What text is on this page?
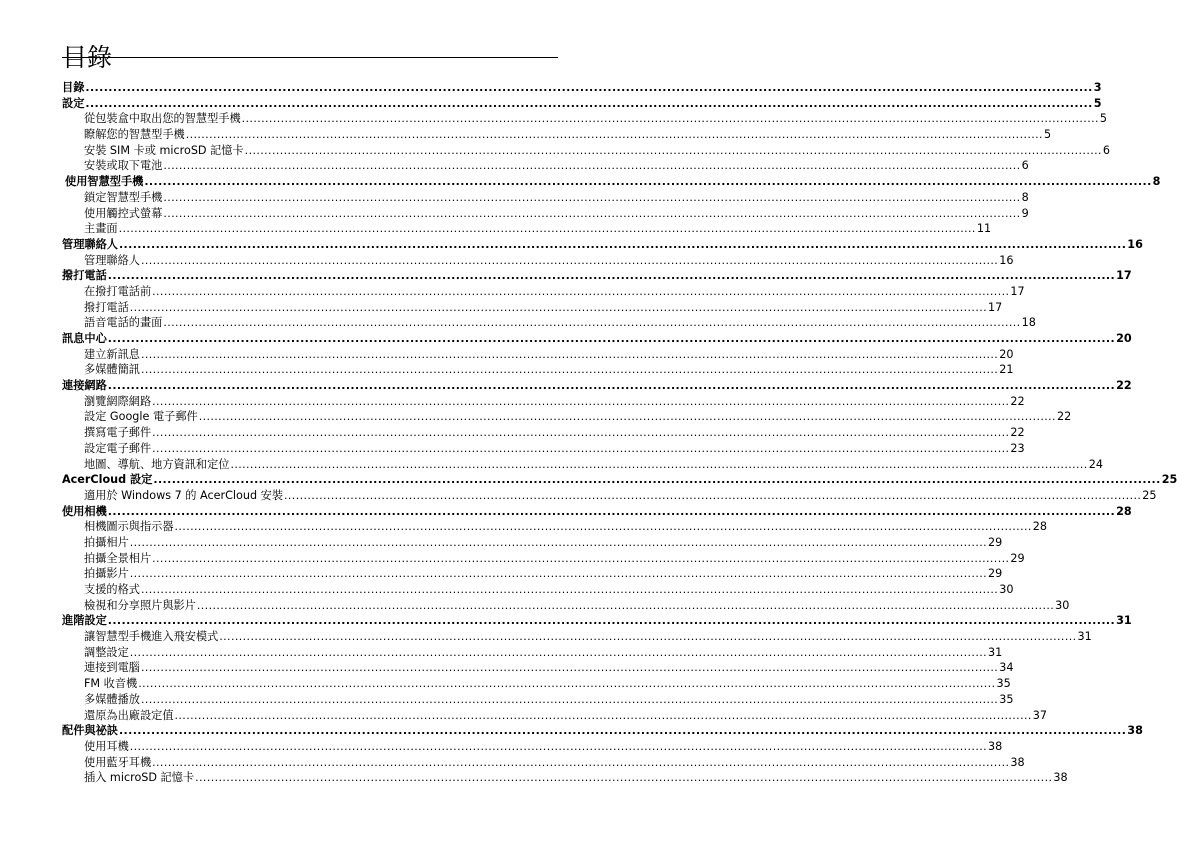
目錄
目錄 ............................................................................................................................................................................................................................ 3
設定 ............................................................................................................................................................................................................................ 5
從包裝盒中取出您的智慧型手機 ............................................................................................................................................................................................................................ 5
瞭解您的智慧型手機 ............................................................................................................................................................................................................................ 5
安裝 SIM 卡或 microSD 記憶卡 ............................................................................................................................................................................................................................ 6
安裝或取下電池 ............................................................................................................................................................................................................................ 6
使用智慧型手機 ............................................................................................................................................................................................................................ 8
鎖定智慧型手機 ............................................................................................................................................................................................................................ 8
使用觸控式螢幕 ............................................................................................................................................................................................................................ 9
主畫面 ............................................................................................................................................................................................................................ 11
管理聯絡人 ............................................................................................................................................................................................................................ 16
管理聯絡人 ............................................................................................................................................................................................................................ 16
撥打電話 ............................................................................................................................................................................................................................ 17
在撥打電話前 ............................................................................................................................................................................................................................ 17
撥打電話 ............................................................................................................................................................................................................................ 17
語音電話的畫面 ............................................................................................................................................................................................................................ 18
訊息中心 ............................................................................................................................................................................................................................ 20
建立新訊息 ............................................................................................................................................................................................................................ 20
多媒體簡訊 ............................................................................................................................................................................................................................ 21
連接網路 ............................................................................................................................................................................................................................ 22
瀏覽網際網路 ............................................................................................................................................................................................................................ 22
設定 Google 電子郵件 ............................................................................................................................................................................................................................ 22
撰寫電子郵件 ............................................................................................................................................................................................................................ 22
設定電子郵件 ............................................................................................................................................................................................................................ 23
地圖、導航、地方資訊和定位 ............................................................................................................................................................................................................................ 24
AcerCloud 設定 ............................................................................................................................................................................................................................ 25
適用於 Windows 7 的 AcerCloud 安裝 ............................................................................................................................................................................................................................ 25
使用相機 ............................................................................................................................................................................................................................ 28
相機圖示與指示器 ............................................................................................................................................................................................................................ 28
拍攝相片 ............................................................................................................................................................................................................................ 29
拍攝全景相片 ............................................................................................................................................................................................................................ 29
拍攝影片 ............................................................................................................................................................................................................................ 29
支援的格式 ............................................................................................................................................................................................................................ 30
檢視和分享照片與影片 ............................................................................................................................................................................................................................ 30
進階設定 ............................................................................................................................................................................................................................ 31
讓智慧型手機進入飛安模式 ............................................................................................................................................................................................................................ 31
調整設定 ............................................................................................................................................................................................................................ 31
連接到電腦 ............................................................................................................................................................................................................................ 34
FM 收音機 ............................................................................................................................................................................................................................ 35
多媒體播放 ............................................................................................................................................................................................................................ 35
還原為出廠設定值 ............................................................................................................................................................................................................................ 37
配件與祕訣 ............................................................................................................................................................................................................................ 38
使用耳機 ............................................................................................................................................................................................................................ 38
使用藍牙耳機 ............................................................................................................................................................................................................................ 38
插入 microSD 記憶卡 ............................................................................................................................................................................................................................ 38
